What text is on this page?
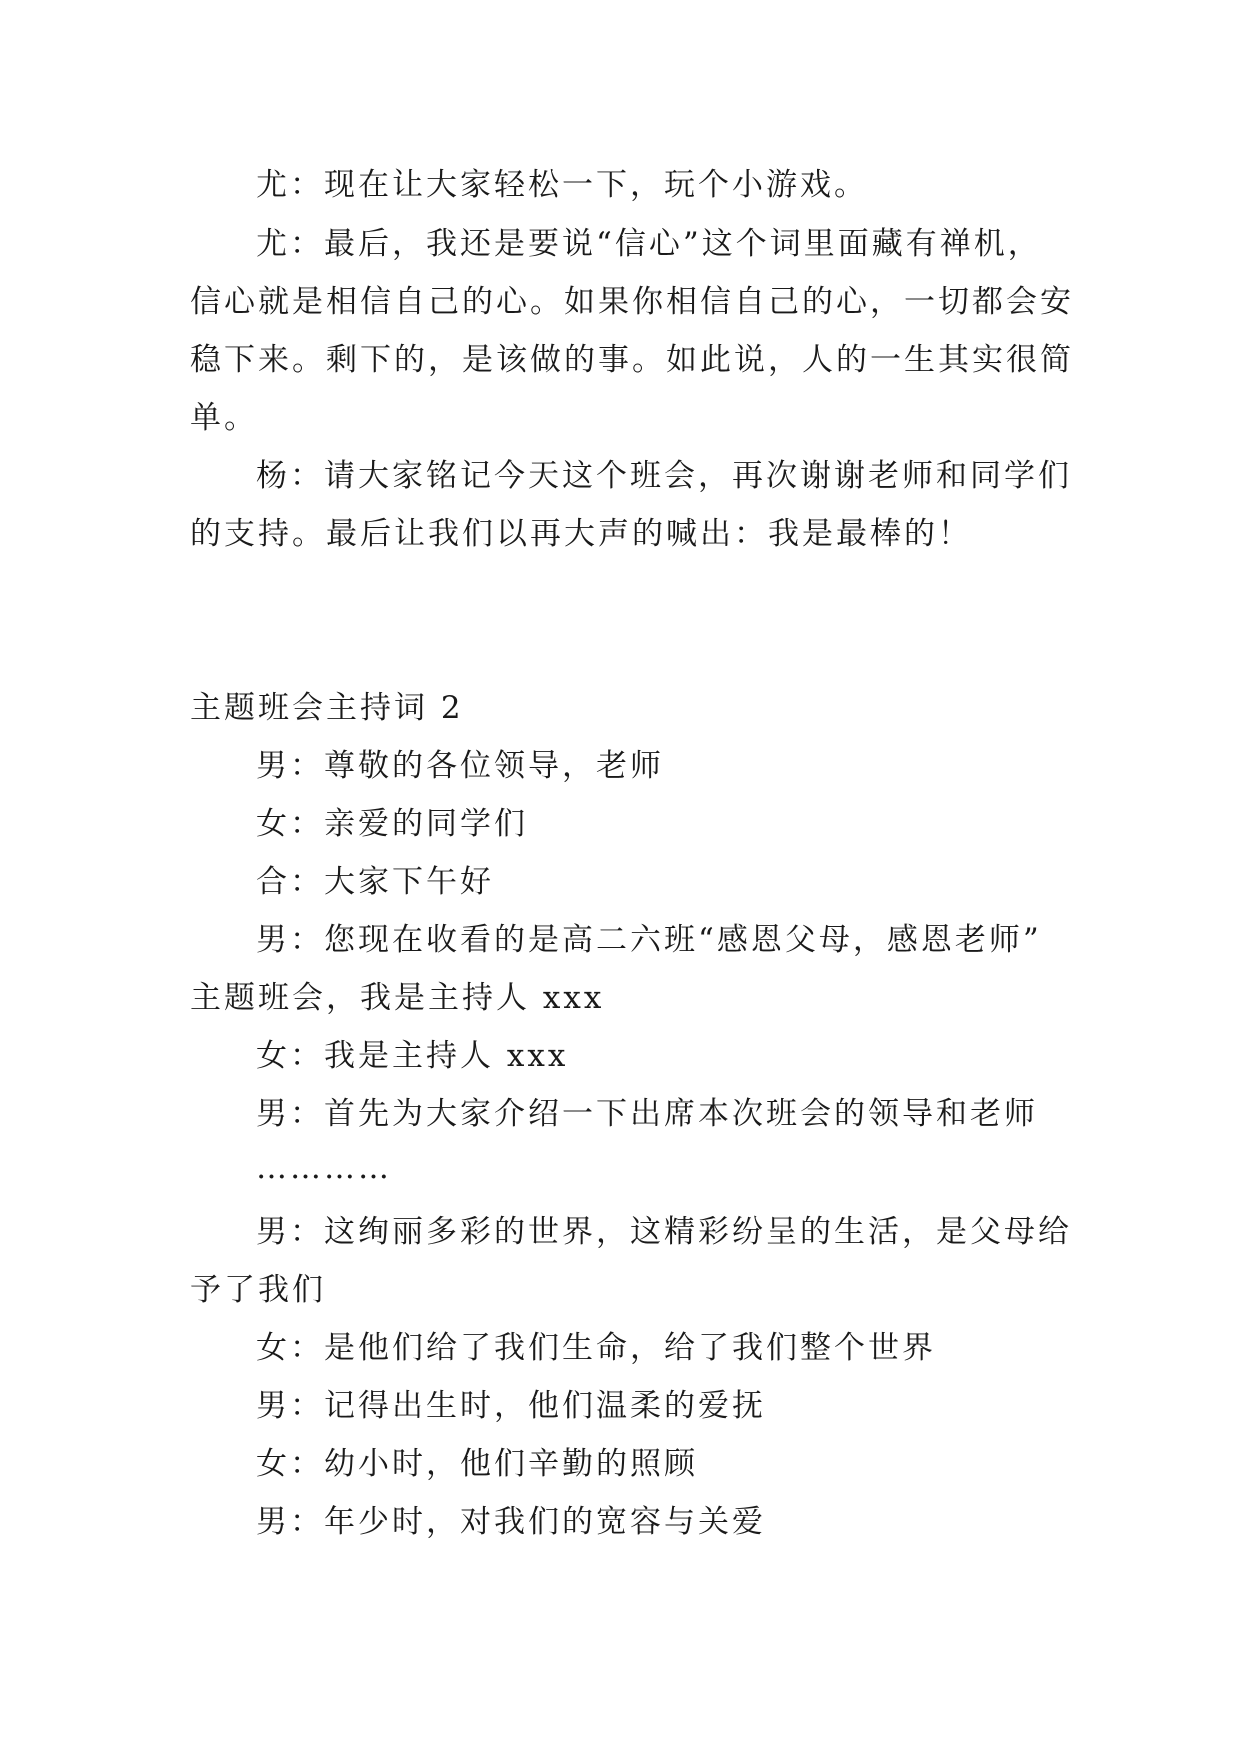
尤：现在让大家轻松一下，玩个小游戏。
尤：最后，我还是要说“信心”这个词里面藏有禅机，
信心就是相信自己的心。如果你相信自己的心，一切都会安
稳下来。剩下的，是该做的事。如此说，人的一生其实很简
单。
杨：请大家铭记今天这个班会，再次谢谢老师和同学们
的支持。最后让我们以再大声的喊出：我是最棒的！
主题班会主持词 2
男：尊敬的各位领导，老师
女：亲爱的同学们
合：大家下午好
男：您现在收看的是高二六班“感恩父母，感恩老师”
主题班会，我是主持人 xxx
女：我是主持人 xxx
男：首先为大家介绍一下出席本次班会的领导和老师
…………
男：这绚丽多彩的世界，这精彩纷呈的生活，是父母给
予了我们
女：是他们给了我们生命，给了我们整个世界
男：记得出生时，他们温柔的爱抚
女：幼小时，他们辛勤的照顾
男：年少时，对我们的宽容与关爱
